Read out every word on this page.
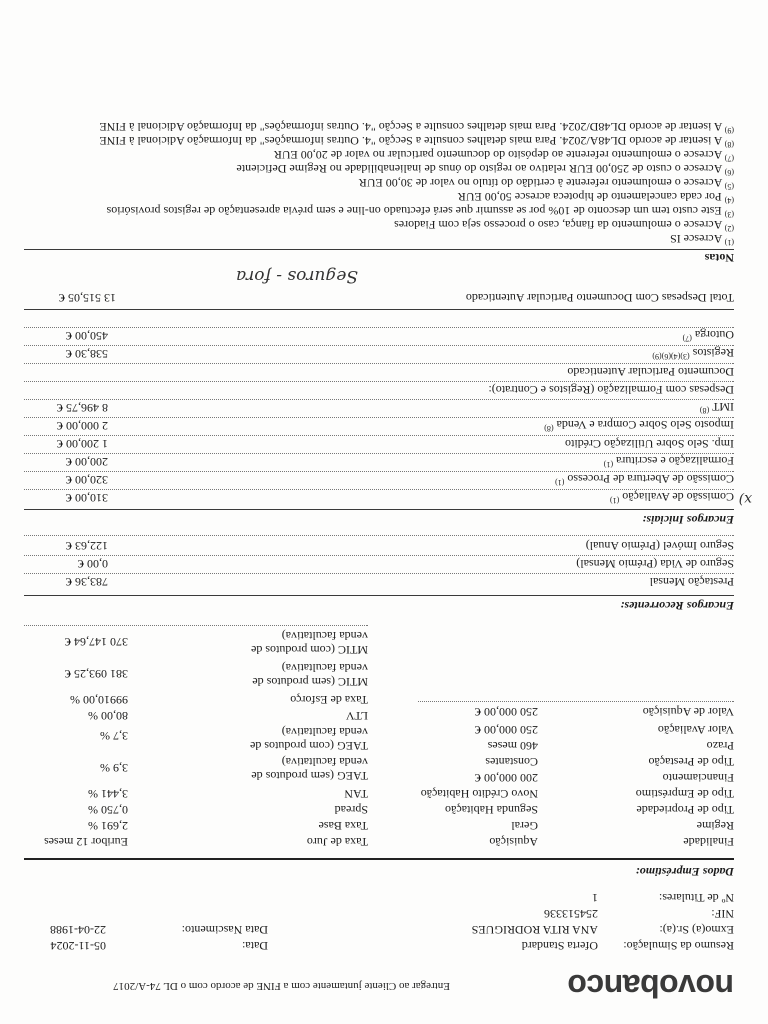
novobanco
Entregar ao Cliente juntamente com a FINE de acordo com o DL 74-A/2017
Resumo da Simulação:
Oferta Standard
Data:
05-11-2024
Exmo(a) Sr.(a):
ANA RITA RODRIGUES
Data Nascimento:
22-04-1988
NIF:
254513336
Nº de Titulares:
1
Dados Empréstimo:
Finalidade
Aquisição
Regime
Geral
Tipo de Propriedade
Segunda Habitação
Tipo de Empréstimo
Novo Crédito Habitação
Financiamento
200 000,00 €
Tipo de Prestação
Constantes
Prazo
460 meses
Valor Avaliação
250 000,00 €
Valor de Aquisição
250 000,00 €
Taxa de Juro
Euribor 12 meses
Taxa Base
2,691 %
Spread
0,750 %
TAN
3,441 %
TAEG (sem produtos de
venda facultativa)
3,9 %
TAEG (com produtos de
venda facultativa)
3,7 %
LTV
80,00 %
Taxa de Esforço
99910,00 %
MTIC (sem produtos de
venda facultativa)
381 093,25 €
MTIC (com produtos de
venda facultativa)
370 147,64 €
Encargos Recorrentes:
Prestação Mensal
783,36 €
Seguro de Vida (Prémio Mensal)
0,00 €
Seguro Imóvel (Prémio Anual)
122,63 €
Encargos Iniciais:
Comissão de Avaliação $^{(1)}$
310,00 €
Comissão de Abertura de Processo $^{(1)}$
320,00 €
Formalização e escritura $^{(1)}$
200,00 €
Imp. Selo Sobre Utilização Crédito
1 200,00 €
Imposto Selo Sobre Compra e Venda $^{(8)}$
2 000,00 €
IMT $^{(8)}$
8 496,75 €
Despesas com Formalização (Registos e Contrato):
Documento Particular Autenticado
Registos $^{(3)(4)(6)(9)}$
538,30 €
Outorga $^{(7)}$
450,00 €
Total Despesas Com Documento Particular Autenticado
13 515,05 €
Seguros - fora
x)
Notas
$^{(1)}$ Acresce IS
$^{(2)}$ Acresce o emolumento da fiança, caso o processo seja com Fiadores
$^{(3)}$ Este custo tem um desconto de 10% por se assumir que será efectuado on-line e sem prévia apresentação de registos provisórios
$^{(4)}$ Por cada cancelamento de hipoteca acresce 50,00 EUR
$^{(5)}$ Acresce o emolumento referente à certidão do título no valor de 30,00 EUR
$^{(6)}$ Acresce o custo de 250,00 EUR relativo ao registo do ónus de inalienabilidade no Regime Deficiente
$^{(7)}$ Acresce o emolumento referente ao depósito do documento particular no valor de 20,00 EUR
$^{(8)}$ A isentar de acordo DL48A/2024. Para mais detalhes consulte a Secção "4. Outras informações" da Informação Adicional à FINE
$^{(9)}$ A isentar de acordo DL48D/2024. Para mais detalhes consulte a Secção "4. Outras informações" da Informação Adicional à FINE
